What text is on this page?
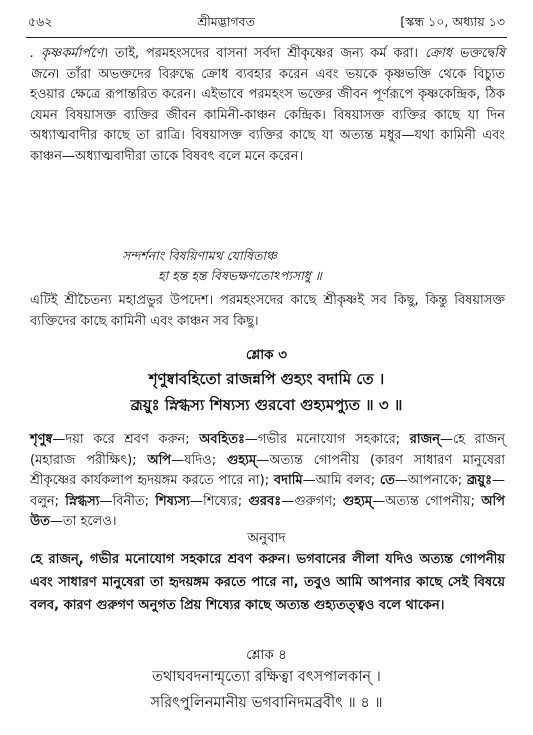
৫৬২	শ্রীমদ্ভাগবত	[স্কন্ধ ১০, অধ্যায় ১৩
. কৃষ্ণকর্মার্পণে। তাই, পরমহংসদের বাসনা সর্বদা শ্রীকৃষ্ণের জন্য কর্ম করা। ক্রোধ ভক্তদ্বেষি জনে। তাঁরা অভক্তদের বিরুদ্ধে ক্রোধ ব্যবহার করেন এবং ভয়কে কৃষ্ণভক্তি থেকে বিচ্যুত হওয়ার ক্ষেত্রে রূপান্তরিত করেন। এইভাবে পরমহংস ভক্তের জীবন পূর্ণরূপে কৃষ্ণকেন্দ্রিক, ঠিক যেমন বিষয়াসক্ত ব্যক্তির জীবন কামিনী-কাঞ্চন কেন্দ্রিক। বিষয়াসক্ত ব্যক্তির কাছে যা দিন অধ্যাত্মবাদীর কাছে তা রাত্রি। বিষয়াসক্ত ব্যক্তির কাছে যা অত্যন্ত মধুর—যথা কামিনী এবং কাঞ্চন—অধ্যাত্মবাদীরা তাকে বিষবৎ বলে মনে করেন।
সন্দর্শনাং বিষয়িণামথ যোষিতাঞ্চ
হা হন্ত হন্ত বিষভক্ষণতোঽপ্যসাধু ॥
এটিই শ্রীচৈতন্য মহাপ্রভুর উপদেশ। পরমহংসদের কাছে শ্রীকৃষ্ণই সব কিছু, কিন্তু বিষয়াসক্ত ব্যক্তিদের কাছে কামিনী এবং কাঞ্চন সব কিছু।
শ্লোক ৩
শৃণুষ্বাবহিতো রাজন্নপি গুহ্যং বদামি তে ।
ব্রূয়ুঃ স্নিগ্ধস্য শিষ্যস্য গুরবো গুহ্যমপ্যুত ॥ ৩ ॥
শৃণুষ্ব—দয়া করে শ্রবণ করুন; অবহিতঃ—গভীর মনোযোগ সহকারে; রাজন্—হে রাজন্ (মহারাজ পরীক্ষিৎ); অপি—যদিও; গুহ্যম্—অত্যন্ত গোপনীয় (কারণ সাধারণ মানুষেরা শ্রীকৃষ্ণের কার্যকলাপ হৃদয়ঙ্গম করতে পারে না); বদামি—আমি বলব; তে—আপনাকে; ব্রূয়ুঃ—বলুন; স্নিগ্ধস্য—বিনীত; শিষ্যস্য—শিষ্যের; গুরবঃ—গুরুগণ; গুহ্যম্—অত্যন্ত গোপনীয়; অপি উত—তা হলেও।
অনুবাদ
হে রাজন্, গভীর মনোযোগ সহকারে শ্রবণ করুন। ভগবানের লীলা যদিও অত্যন্ত গোপনীয় এবং সাধারণ মানুষেরা তা হৃদয়ঙ্গম করতে পারে না, তবুও আমি আপনার কাছে সেই বিষয়ে বলব, কারণ গুরুগণ অনুগত প্রিয় শিষ্যের কাছে অত্যন্ত গুহ্যতত্ত্বও বলে থাকেন।
শ্লোক ৪
তথাঘবদনান্মৃত্যো রক্ষিত্বা বৎসপালকান্ ।
সরিৎপুলিনমানীয় ভগবানিদমব্রবীৎ ॥ ৪ ॥
